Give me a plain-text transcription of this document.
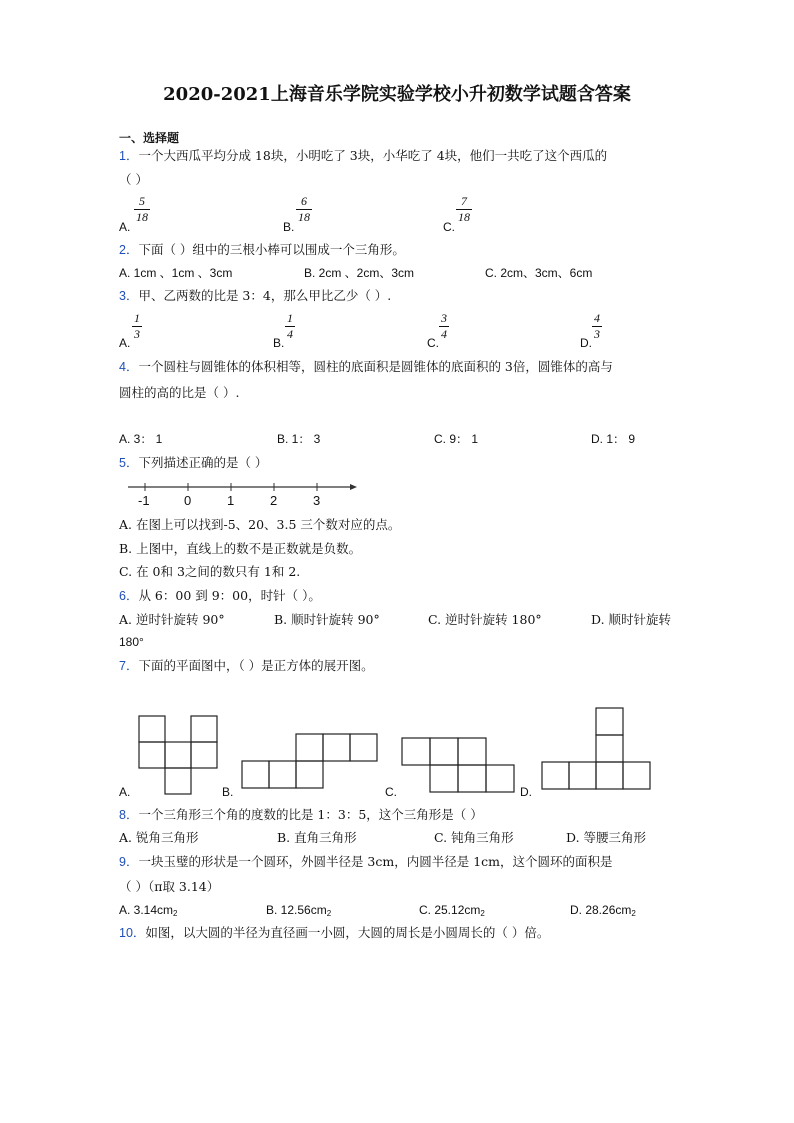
2020-2021上海音乐学院实验学校小升初数学试题含答案
一、选择题
1．一个大西瓜平均分成 18块，小明吃了 3块，小华吃了 4块，他们一共吃了这个西瓜的
（ ）
A.
5
18
B.
6
18
C.
7
18
2．下面（ ）组中的三根小棒可以围成一个三角形。
A. 1cm 、1cm 、3cm	B. 2cm 、2cm、3cm	C. 2cm、3cm、6cm
3．甲、乙两数的比是 3：4，那么甲比乙少（ ）.
A.
1
3
B.
1
4
C.
3
4
D.
4
3
4．一个圆柱与圆锥体的体积相等，圆柱的底面积是圆锥体的底面积的 3倍，圆锥体的高与
圆柱的高的比是（ ）.
A. 3： 1	B. 1： 3	C. 9： 1	D. 1： 9
5．下列描述正确的是（ ）
-1	0	1	2	3
A. 在图上可以找到-5、20、3.5 三个数对应的点。
B. 上图中，直线上的数不是正数就是负数。
C. 在 0和 3之间的数只有 1和 2.
6．从 6：00 到 9：00，时针（ ）。
A. 逆时针旋转 90°	B. 顺时针旋转 90°	C. 逆时针旋转 180°	D. 顺时针旋转
180°
7．下面的平面图中，（ ）是正方体的展开图。
A.	B.	C.	D.
8．一个三角形三个角的度数的比是 1：3：5，这个三角形是（ ）
A. 锐角三角形	B. 直角三角形	C. 钝角三角形	D. 等腰三角形
9．一块玉璧的形状是一个圆环，外圆半径是 3cm，内圆半径是 1cm，这个圆环的面积是
（ ）（π取 3.14）
A. $3.14cm_2$	B. $12.56cm_2$	C. $25.12cm_2$	D. $28.26cm_2$
10．如图，以大圆的半径为直径画一小圆，大圆的周长是小圆周长的（ ）倍。
